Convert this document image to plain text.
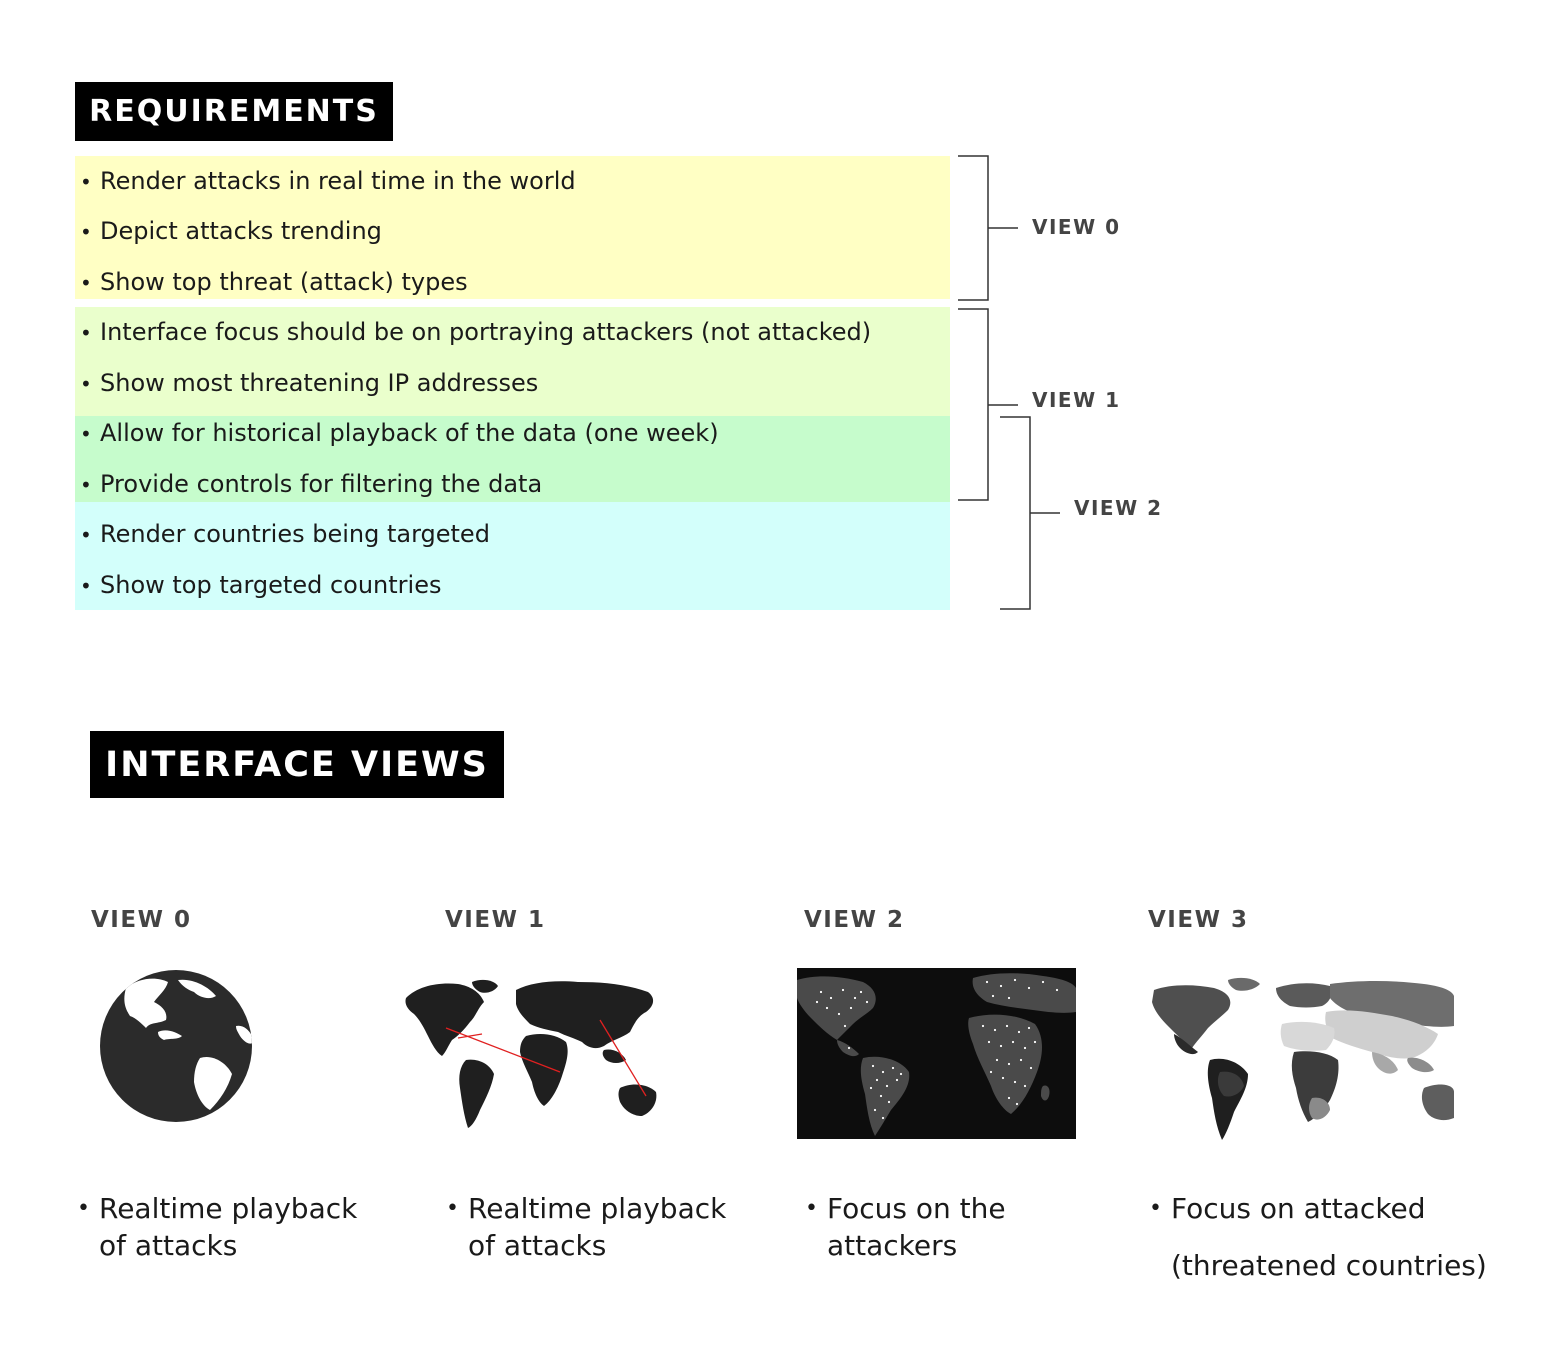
REQUIREMENTS
• Render attacks in real time in the world
• Depict attacks trending
• Show top threat (attack) types
• Interface focus should be on portraying attackers (not attacked)
• Show most threatening IP addresses
• Allow for historical playback of the data (one week)
• Provide controls for filtering the data
• Render countries being targeted
• Show top targeted countries
VIEW 0
VIEW 1
VIEW 2
INTERFACE VIEWS
VIEW 0	VIEW 1	VIEW 2	VIEW 3
• Realtime playback
of attacks
• Realtime playback
of attacks
• Focus on the
attackers
• Focus on attacked
(threatened countries)
